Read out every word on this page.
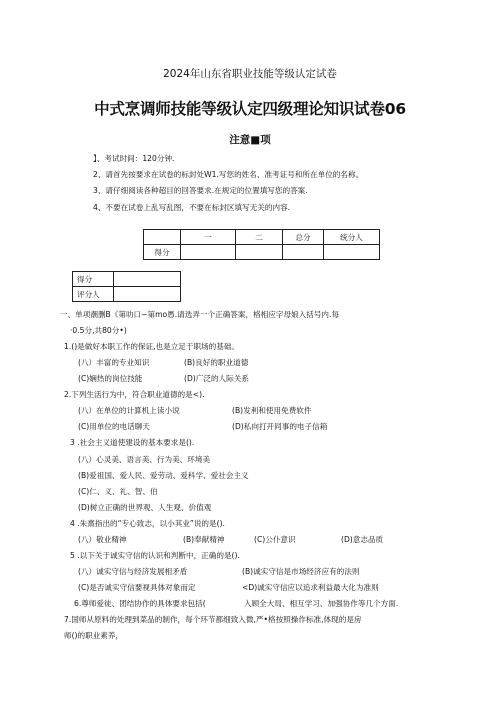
2024年山东省职业技能等级认定试卷
中式烹调师技能等级认定四级理论知识试卷06
注意■项
】、考试时间：120分钟.
2、请首先按要求在试卷的标封处W1.写您的姓名、准考证号和所在单位的名称。
3、请仔细阅读各种超目的回答要求.在规定的位置填写您的答案.
4、不要在试卷上乱写乱图，不要在标封区填写无关的内容.
	一	二	总分	统分人
得分				
得分	
评分人	
一、单项潮删B《第叻口∽第mo愚.请选弄一个正确答案，格相应字母娘入括号内.每
·0.5分,共80分•)
1.()是做好本职工作的保证,也是立足于职场的基础。
(八）丰富的专业知识	(B)良好的职业道德
(C)娴热的岗位技能	(D)广泛的人际关系
2.下列生活行为中，符合职业道德的是<).
(八）在单位的计算机上读小说	(B)发利和使用免费软件
(C)用单位的电话聊天	(D)私向打开同事的电子信箱
3 .社会主义道使建设的基本要求是().
(八）心灵美、语言美、行为美、环境美
(B)爱祖国、爱人民、爱劳动、爱科学、爱社会主义
(C)仁、义、礼、智、伯
(D)树立正确的世界观、人生观、价值观
4 .朱熹指出的“专心致志，以小其业”说的是().
(八）敬业精神	(B)奉献精神	(C)公仆意识	(D)意志品质
5 .以下关于诚实守信的认识和判断中，正确的是().
(八）诚实守信与经济发展相矛盾	(B)诚实守信是市场经济应有的法则
(C)是否诚实守信要视具体对象而定	<D)诚实守信应以追求利益最大化为准则
6.尊师爱徒、团结协作的具体要求包括(	入顾全大局、相互学习、加强协作等几个方面.
7.国师从原料的处理到菜品的制作，每个环节都细致入微,严•格按照操作标准,体现的是房
师()的职业素养，
